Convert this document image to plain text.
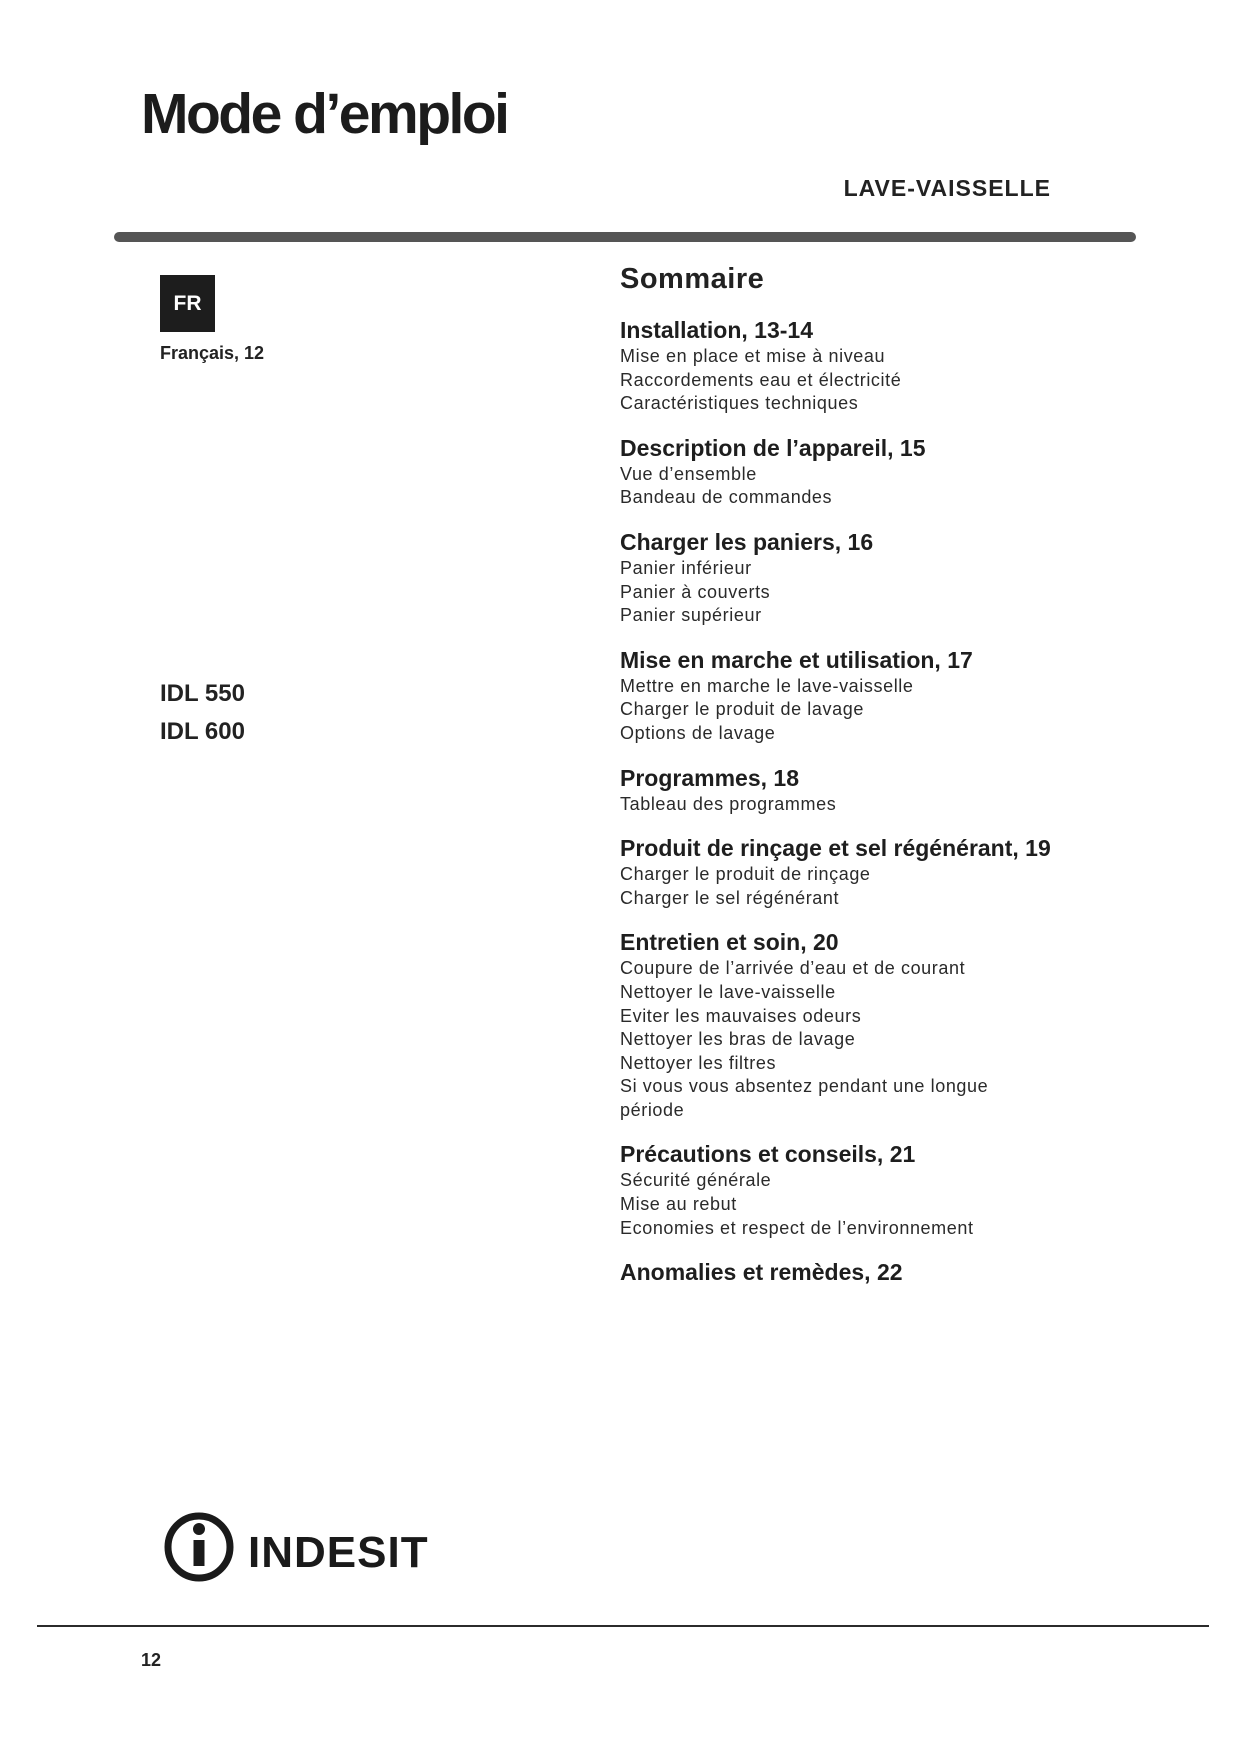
Mode d’emploi
LAVE-VAISSELLE
FR
Français, 12
IDL 550
IDL 600
Sommaire
Installation, 13-14
Mise en place et mise à niveau
Raccordements eau et électricité
Caractéristiques techniques
Description de l’appareil, 15
Vue d’ensemble
Bandeau de commandes
Charger les paniers, 16
Panier inférieur
Panier à couverts
Panier supérieur
Mise en marche et utilisation, 17
Mettre en marche le lave-vaisselle
Charger le produit de lavage
Options de lavage
Programmes, 18
Tableau des programmes
Produit de rinçage et sel régénérant, 19
Charger le produit de rinçage
Charger le sel régénérant
Entretien et soin, 20
Coupure de l’arrivée d’eau et de courant
Nettoyer le lave-vaisselle
Eviter les mauvaises odeurs
Nettoyer les bras de lavage
Nettoyer les filtres
Si vous vous absentez pendant une longue
période
Précautions et conseils, 21
Sécurité générale
Mise au rebut
Economies et respect de l’environnement
Anomalies et remèdes, 22
INDESIT
12
